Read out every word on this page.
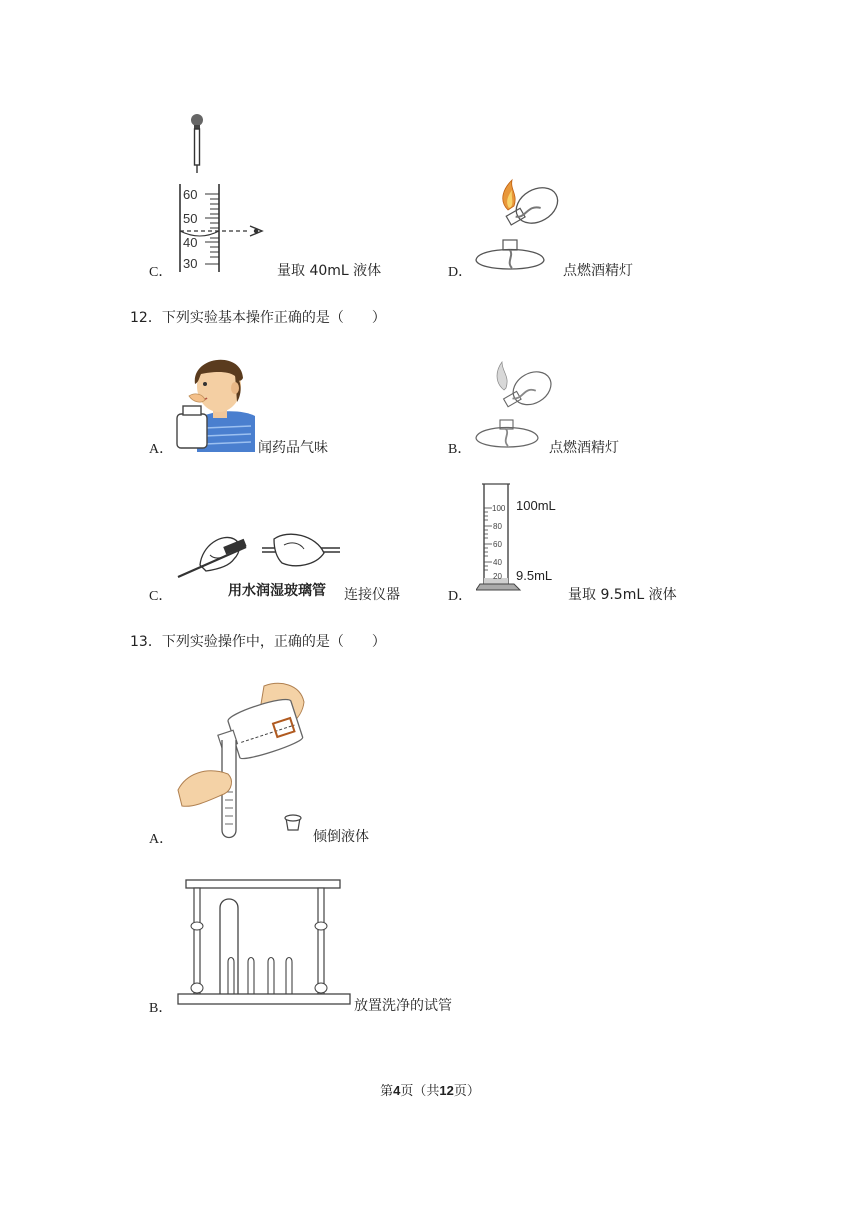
60
50
40
30
C．	量取 40mL 液体	D．	点燃酒精灯
12．下列实验基本操作正确的是（　　）
A．	闻药品气味	B．	点燃酒精灯
用水润湿玻璃管
C．	连接仪器
100
80
60
40
20
100mL
9.5mL
D．	量取 9.5mL 液体
13．下列实验操作中，正确的是（　　）
A．	倾倒液体
B．	放置洗净的试管
第4页（共12页）
